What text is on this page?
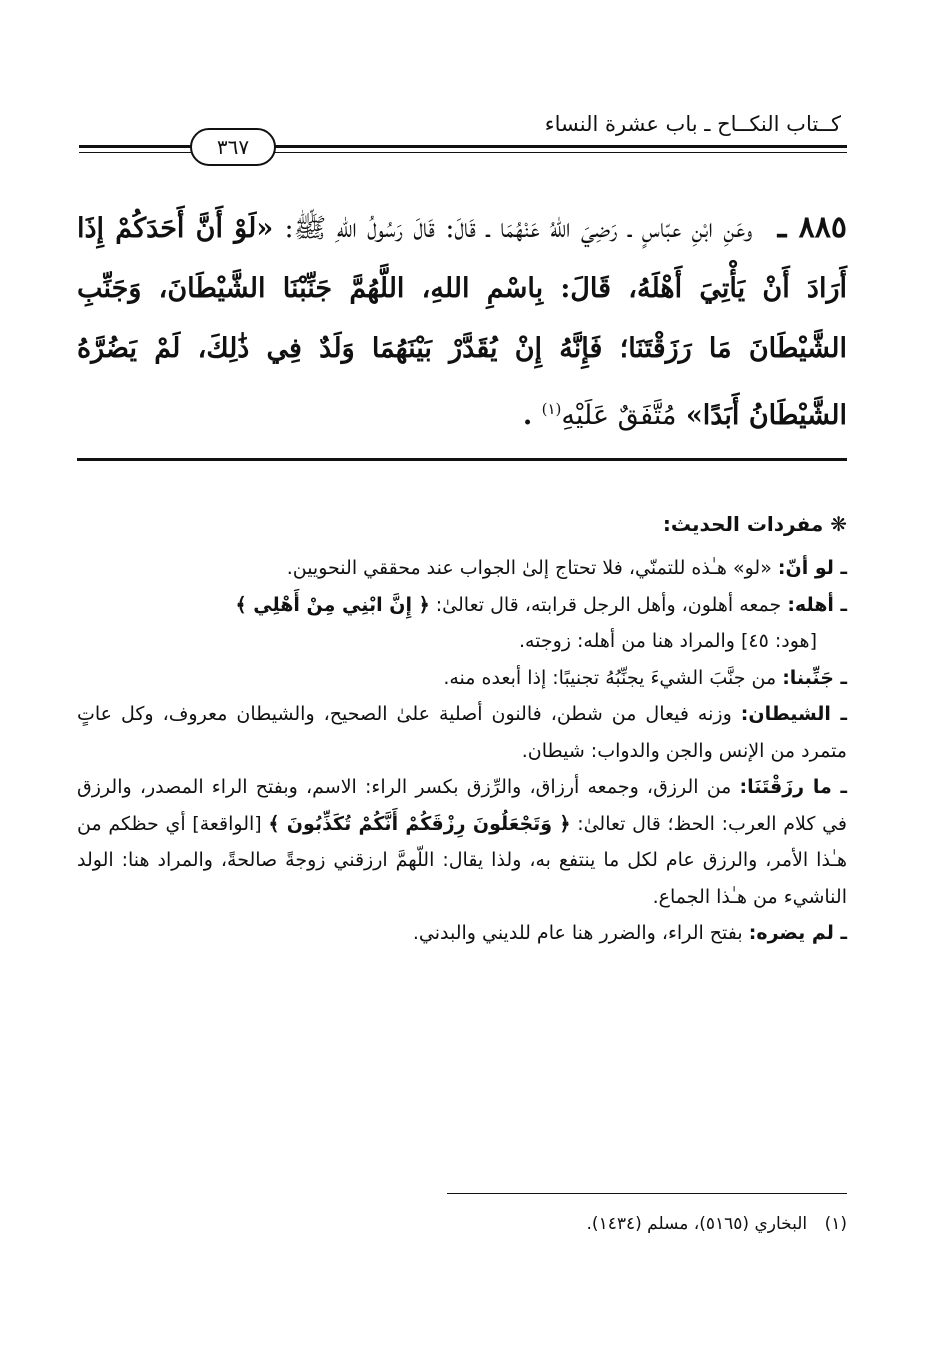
كــتاب النكــاح ـ باب عشرة النساء
٣٦٧
٨٨٥ ـ وعَنِ ابْنِ عبّاسٍ ـ رَضِيَ اللهُ عَنْهُمَا ـ قَالَ: قَالَ رَسُولُ اللهِ ﷺ: «لَوْ أَنَّ أَحَدَكُمْ إِذَا أَرَادَ أَنْ يَأْتِيَ أَهْلَهُ، قَالَ: بِاسْمِ اللهِ، اللَّهُمَّ جَنِّبْنَا الشَّيْطَانَ، وَجَنِّبِ الشَّيْطَانَ مَا رَزَقْتَنَا؛ فَإِنَّهُ إِنْ يُقَدَّرْ بَيْنَهُمَا وَلَدٌ فِي ذَٰلِكَ، لَمْ يَضُرَّهُ الشَّيْطَانُ أَبَدًا» مُتَّفَقٌ عَلَيْهِ$^{(١)}$ .
❋ مفردات الحديث:

ـ لو أنّ: «لو» هـٰذه للتمنّي، فلا تحتاج إلىٰ الجواب عند محققي النحويين.

ـ أهله: جمعه أهلون، وأهل الرجل قرابته، قال تعالىٰ: ﴿ إِنَّ ابْنِي مِنْ أَهْلِي ﴾

[هود: ٤٥] والمراد هنا من أهله: زوجته.

ـ جَنِّبنا: من جنَّبَ الشيءَ يجنِّبُهُ تجنيبًا: إذا أبعده منه.

ـ الشيطان: وزنه فيعال من شطن، فالنون أصلية علىٰ الصحيح، والشيطان معروف، وكل عاتٍ متمرد من الإنس والجن والدواب: شيطان.

ـ ما رزَقْتَنَا: من الرزق، وجمعه أرزاق، والرِّزق بكسر الراء: الاسم، وبفتح الراء المصدر، والرزق في كلام العرب: الحظ؛ قال تعالىٰ: ﴿ وَتَجْعَلُونَ رِزْقَكُمْ أَنَّكُمْ تُكَذِّبُونَ ﴾ [الواقعة] أي حظكم من هـٰذا الأمر، والرزق عام لكل ما ينتفع به، ولذا يقال: اللّهمَّ ارزقني زوجةً صالحةً، والمراد هنا: الولد الناشيء من هـٰذا الجماع.

ـ لم يضره: بفتح الراء، والضرر هنا عام للديني والبدني.

(١) البخاري (٥١٦٥)، مسلم (١٤٣٤).
